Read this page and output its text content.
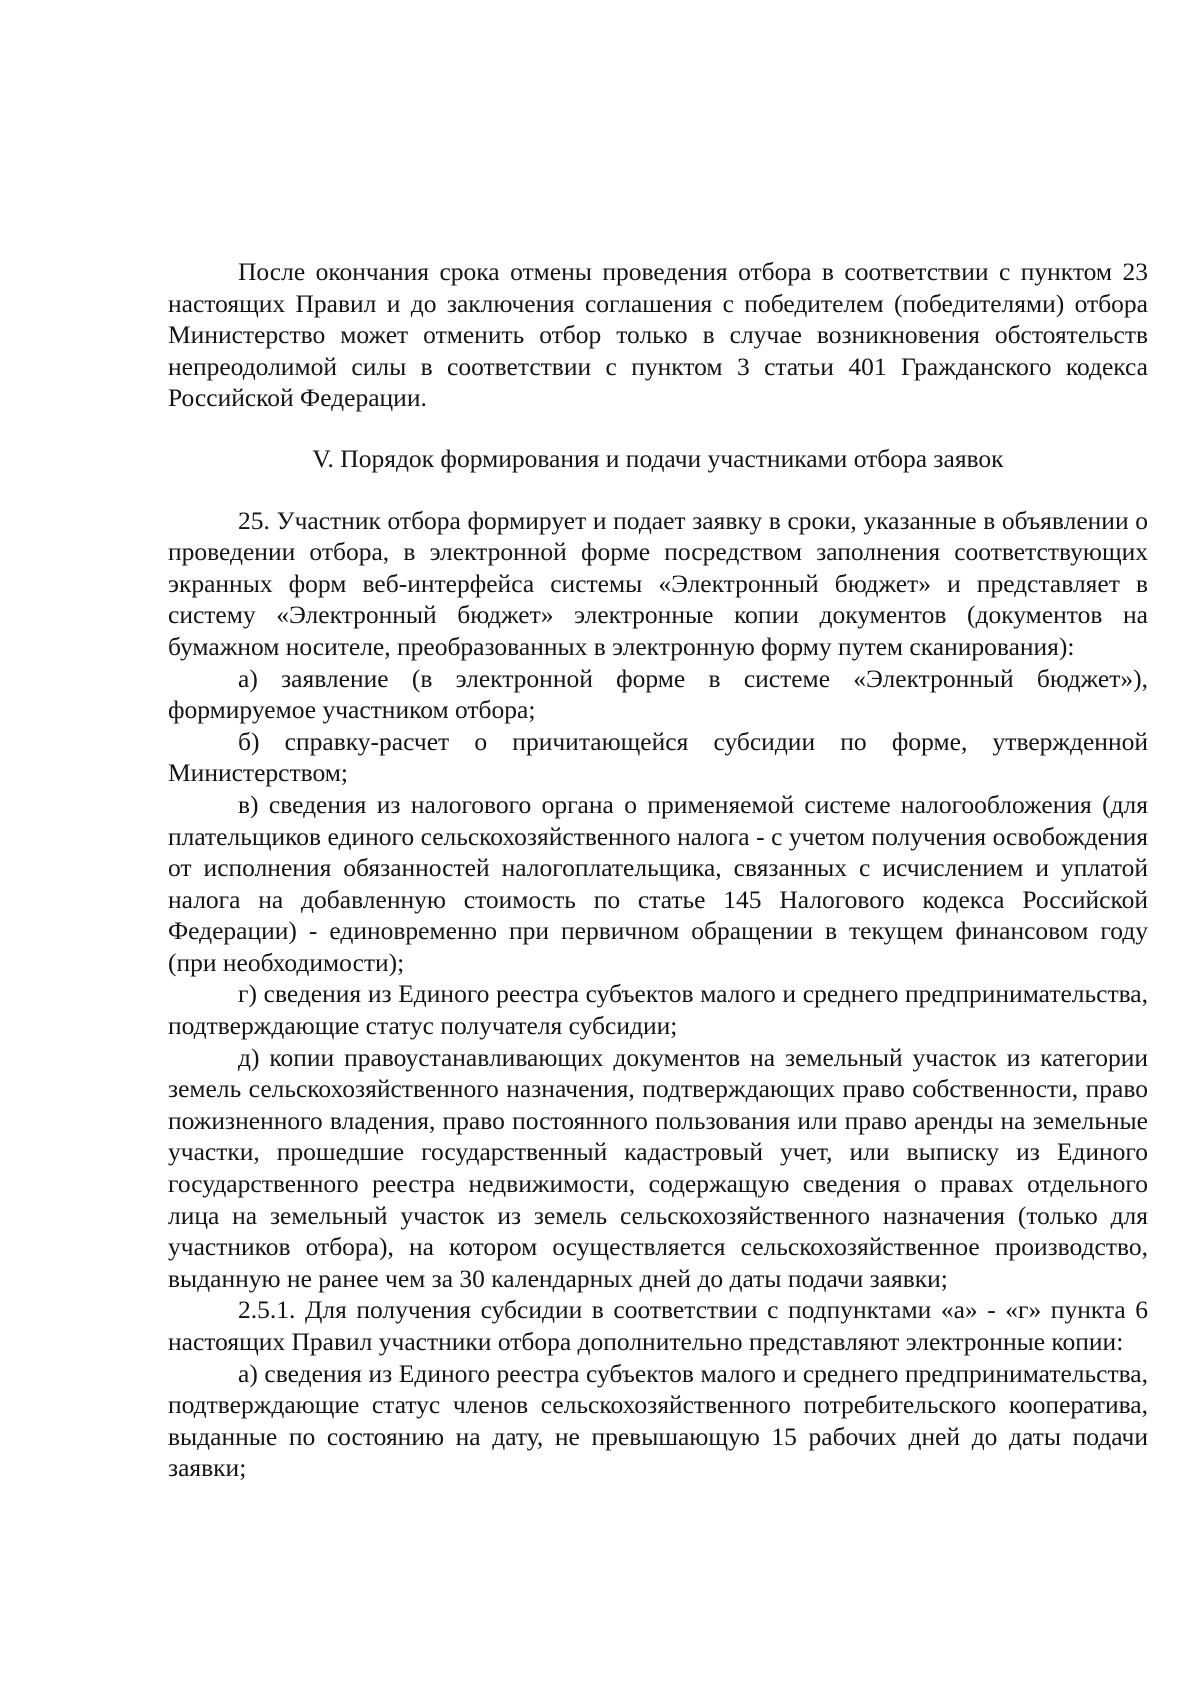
После окончания срока отмены проведения отбора в соответствии с пунктом 23 настоящих Правил и до заключения соглашения с победителем (победителями) отбора Министерство может отменить отбор только в случае возникновения обстоятельств непреодолимой силы в соответствии с пунктом 3 статьи 401 Гражданского кодекса Российской Федерации.

V. Порядок формирования и подачи участниками отбора заявок

25. Участник отбора формирует и подает заявку в сроки, указанные в объявлении о проведении отбора, в электронной форме посредством заполнения соответствующих экранных форм веб-интерфейса системы «Электронный бюджет» и представляет в систему «Электронный бюджет» электронные копии документов (документов на бумажном носителе, преобразованных в электронную форму путем сканирования):

а) заявление (в электронной форме в системе «Электронный бюджет»), формируемое участником отбора;

б) справку-расчет о причитающейся субсидии по форме, утвержденной Министерством;

в) сведения из налогового органа о применяемой системе налогообложения (для плательщиков единого сельскохозяйственного налога - с учетом получения освобождения от исполнения обязанностей налогоплательщика, связанных с исчислением и уплатой налога на добавленную стоимость по статье 145 Налогового кодекса Российской Федерации) - единовременно при первичном обращении в текущем финансовом году (при необходимости);

г) сведения из Единого реестра субъектов малого и среднего предпринимательства, подтверждающие статус получателя субсидии;

д) копии правоустанавливающих документов на земельный участок из категории земель сельскохозяйственного назначения, подтверждающих право собственности, право пожизненного владения, право постоянного пользования или право аренды на земельные участки, прошедшие государственный кадастровый учет, или выписку из Единого государственного реестра недвижимости, содержащую сведения о правах отдельного лица на земельный участок из земель сельскохозяйственного назначения (только для участников отбора), на котором осуществляется сельскохозяйственное производство, выданную не ранее чем за 30 календарных дней до даты подачи заявки;

2.5.1. Для получения субсидии в соответствии с подпунктами «а» - «г» пункта 6 настоящих Правил участники отбора дополнительно представляют электронные копии:

а) сведения из Единого реестра субъектов малого и среднего предпринимательства, подтверждающие статус членов сельскохозяйственного потребительского кооператива, выданные по состоянию на дату, не превышающую 15 рабочих дней до даты подачи заявки;
